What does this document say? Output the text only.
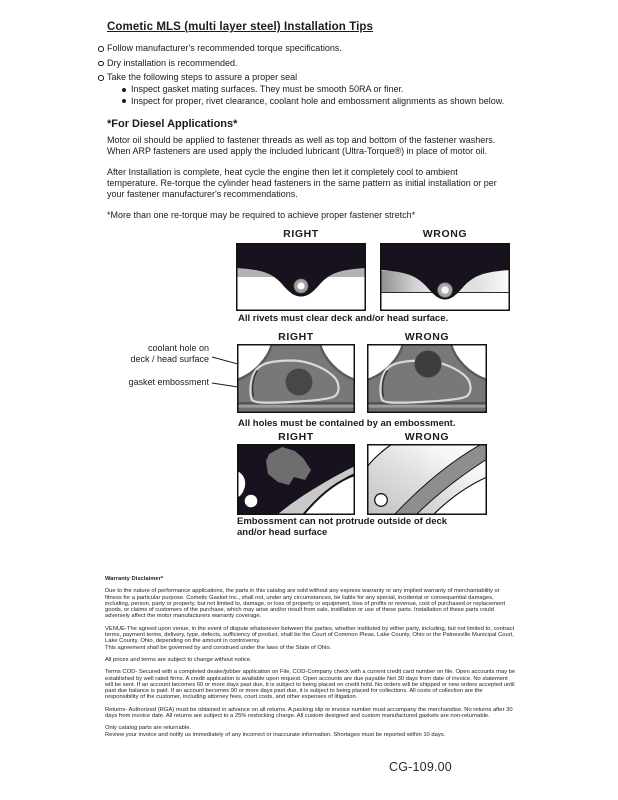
Cometic MLS (multi layer steel) Installation Tips
Follow manufacturer's recommended torque specifications.
Dry installation is recommended.
Take the following steps to assure a proper seal
Inspect gasket mating surfaces. They must be smooth 50RA or finer.
Inspect for proper, rivet clearance, coolant hole and embossment alignments as shown below.
*For Diesel Applications*

Motor oil should be applied to fastener threads as well as top and bottom of the fastener washers. When ARP fasteners are used apply the included lubricant (Ultra-Torque®) in place of motor oil.

After Installation is complete, heat cycle the engine then let it completely cool to ambient temperature. Re-torque the cylinder head fasteners in the same pattern as initial installation or per your fastener manufacturer's recommendations.

*More than one re-torque may be required to achieve proper fastener stretch*

RIGHT	WRONG
All rivets must clear deck and/or head surface.
RIGHT	WRONG
coolant hole on
deck / head surface
gasket embossment
All holes must be contained by an embossment.
RIGHT	WRONG
Embossment can not protrude outside of deck and/or head surface

Warranty Disclaimer*

Due to the nature of performance applications, the parts in this catalog are sold without any express warranty or any implied warranty of merchantability or fitness for a particular purpose. Cometic Gasket Inc., shall not, under any circumstances, be liable for any special, incidental or consequential damages, including, person, party or property, but not limited to, damage, or loss of property or equipment, loss of profits or revenue, cost of purchased or replacement goods, or claims of customers of the purchase, which may arise and/or result from sale, instillation or use of these parts. Installation of these parts could adversely affect the motor manufacturers warranty coverage.

VENUE-The agreed upon venue, in the event of dispute whatsoever between the parties, whether instituted by either party, including, but not limited to, contract terms, payment terms, delivery, type, defects, sufficiency of product, shall be the Court of Common Pleas, Lake County, Ohio or the Painesville Municipal Court, Lake County, Ohio, depending on the amount in controversy.

This agreement shall be governed by and construed under the laws of the State of Ohio.

All prices and terms are subject to change without notice.

Terms COD- Secured with a completed dealer/jobber application on File, COD-Company check with a current credit card number on file. Open accounts may be established by well rated firms. A credit application is available upon request. Open accounts are due payable Net 30 days from date of invoice. No statement will be sent. If an account becomes 60 or more days past due, it is subject to being placed on credit hold. No orders will be shipped or new orders accepted until past due balance is paid. If an account becomes 90 or more days past due, it is subject to being placed for collections. All costs of collection are the responsibility of the customer, including attorney fees, court costs, and other expenses of litigation.

Returns- Authorized (RGA) must be obtained in advance on all returns. A packing slip or invoice number must accompany the merchandise. No returns after 30 days from invoice date. All returns are subject to a 25% restocking charge. All custom designed and custom manufactured gaskets are non-returnable.

Only catalog parts are returnable.

Review your invoice and notify us immediately of any incorrect or inaccurate information. Shortages must be reported within 10 days.

CG-109.00
